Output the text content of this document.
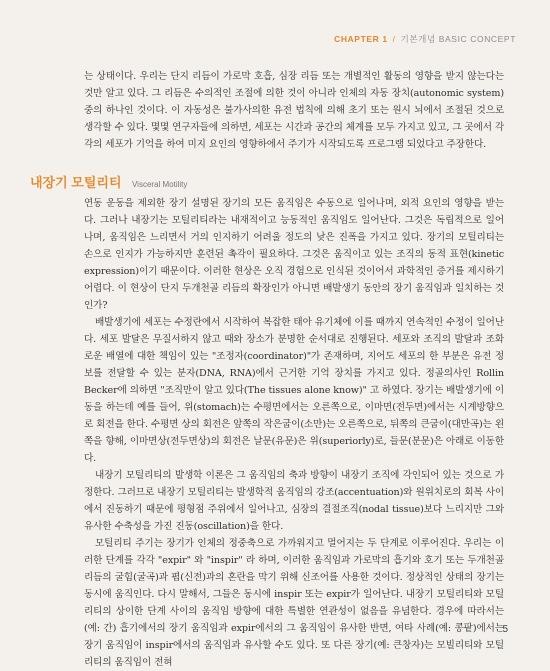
CHAPTER 1 / 기본개념 BASIC CONCEPT

는 상태이다. 우리는 단지 리듬이 가로막 호흡, 심장 리듬 또는 개별적인 활동의 영향을 받지 않는다는 것만 알고 있다. 그 리듬은 수의적인 조절에 의한 것이 아니라 인체의 자동 장치(autonomic system) 중의 하나인 것이다. 이 자동성은 불가사의한 유전 법칙에 의해 초기 또는 원시 뇌에서 조절된 것으로 생각할 수 있다. 몇몇 연구자들에 의하면, 세포는 시간과 공간의 체계를 모두 가지고 있고, 그 곳에서 각각의 세포가 기억을 하여 미지 요인의 영향하에서 주기가 시작되도록 프로그램 되었다고 주장한다.

내장기 모틸리티 Visceral Motility

연동 운동을 제외한 장기 설명된 장기의 모든 움직임은 수동으로 일어나며, 외적 요인의 영향을 받는다. 그러나 내장기는 모틸리티라는 내재적이고 능동적인 움직임도 일어난다. 그것은 독립적으로 일어나며, 움직임은 느리면서 거의 인지하기 어려울 정도의 낮은 진폭을 가지고 있다. 장기의 모틸리티는 손으로 인지가 가능하지만 훈련된 촉각이 필요하다. 그것은 움직이고 있는 조직의 동적 표현(kinetic expression)이기 때문이다. 이러한 현상은 오직 경험으로 인식된 것이어서 과학적인 증거를 제시하기 어렵다. 이 현상이 단지 두개천골 리듬의 확장인가 아니면 배발생기 동안의 장기 움직임과 일치하는 것인가?

배발생기에 세포는 수정란에서 시작하여 복잡한 태아 유기체에 이를 때까지 연속적인 수정이 일어난다. 세포 발달은 무질서하지 않고 때와 장소가 분명한 순서대로 진행된다. 세포와 조직의 발달과 조화로운 배열에 대한 책임이 있는 "조정자(coordinator)"가 존재하며, 지어도 세포의 한 부분은 유전 정보를 전달할 수 있는 분자(DNA, RNA)에서 근거한 기억 장치를 가지고 있다. 정골의사인 Rollin Becker에 의하면 "조직만이 알고 있다(The tissues alone know)" 고 하였다. 장기는 배발생기에 이동을 하는데 예를 들어, 위(stomach)는 수평면에서는 오른쪽으로, 이마면(전두면)에서는 시계방향으로 회전을 한다. 수평면 상의 회전은 앞쪽의 작은굽이(소만)는 오른쪽으로, 뒤쪽의 큰굽이(대만곡)는 왼쪽을 향해, 이마면상(전두면상)의 회전은 날문(유문)은 위(superiorly)로, 들문(분문)은 아래로 이동한다.

내장기 모틸리티의 발생학 이론은 그 움직임의 축과 방향이 내장기 조직에 각인되어 있는 것으로 가정한다. 그러므로 내장기 모틸리티는 발생학적 움직임의 강조(accentuation)와 원위치로의 회복 사이에서 진동하기 때문에 평형점 주위에서 일어나고, 심장의 결절조직(nodal tissue)보다 느리지만 그와 유사한 수축성을 가진 진동(oscillation)을 한다.

모틸리티 주기는 장기가 인체의 정중축으로 가까워지고 멀어지는 두 단계로 이루어진다. 우리는 이러한 단계를 각각 "expir" 와 "inspir" 라 하며, 이러한 움직임과 가로막의 흡기와 호기 또는 두개천골 리듬의 굴힘(굴곡)과 폄(신전)과의 혼란을 막기 위해 신조어를 사용한 것이다. 정상적인 상태의 장기는 동시에 움직인다. 다시 말해서, 그들은 동시에 inspir 또는 expir가 일어난다. 내장기 모틸리티와 모틸리티의 상이한 단계 사이의 움직임 방향에 대한 특별한 연관성이 없음을 유념한다. 경우에 따라서는(예: 간) 흡기에서의 장기 움직임과 expir에서의 그 움직임이 유사한 반면, 여타 사례(예: 콩팥)에서는 장기 움직임이 inspir에서의 움직임과 유사할 수도 있다. 또 다른 장기(예: 큰창자)는 모빌리티와 모틸리티의 움직임이 전혀

5
